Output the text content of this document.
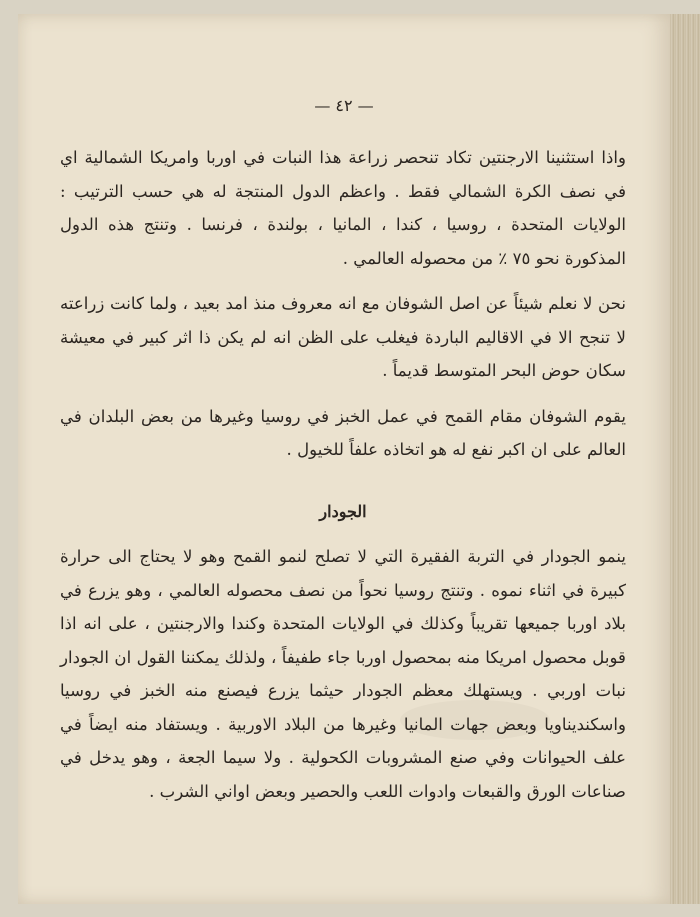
— ٤٢ —

واذا استثنينا الارجنتين تكاد تنحصر زراعة هذا النبات في اوربا وامريكا الشمالية اي في نصف الكرة الشمالي فقط . واعظم الدول المنتجة له هي حسب الترتيب : الولايات المتحدة ، روسيا ، كندا ، المانيا ، بولندة ، فرنسا . وتنتج هذه الدول المذكورة نحو ٧٥ ٪ من محصوله العالمي .

نحن لا نعلم شيئاً عن اصل الشوفان مع انه معروف منذ امد بعيد ، ولما كانت زراعته لا تنجح الا في الاقاليم الباردة فيغلب على الظن انه لم يكن ذا اثر كبير في معيشة سكان حوض البحر المتوسط قديماً .

يقوم الشوفان مقام القمح في عمل الخبز في روسيا وغيرها من بعض البلدان في العالم على ان اكبر نفع له هو اتخاذه علفاً للخيول .

الجودار

ينمو الجودار في التربة الفقيرة التي لا تصلح لنمو القمح وهو لا يحتاج الى حرارة كبيرة في اثناء نموه . وتنتج روسيا نحواً من نصف محصوله العالمي ، وهو يزرع في بلاد اوربا جميعها تقريباً وكذلك في الولايات المتحدة وكندا والارجنتين ، على انه اذا قوبل محصول امريكا منه بمحصول اوربا جاء طفيفاً ، ولذلك يمكننا القول ان الجودار نبات اوربي . ويستهلك معظم الجودار حيثما يزرع فيصنع منه الخبز في روسيا واسكنديناويا وبعض جهات المانيا وغيرها من البلاد الاوربية . ويستفاد منه ايضاً في علف الحيوانات وفي صنع المشروبات الكحولية . ولا سيما الجعة ، وهو يدخل في صناعات الورق والقبعات وادوات اللعب والحصير وبعض اواني الشرب .
